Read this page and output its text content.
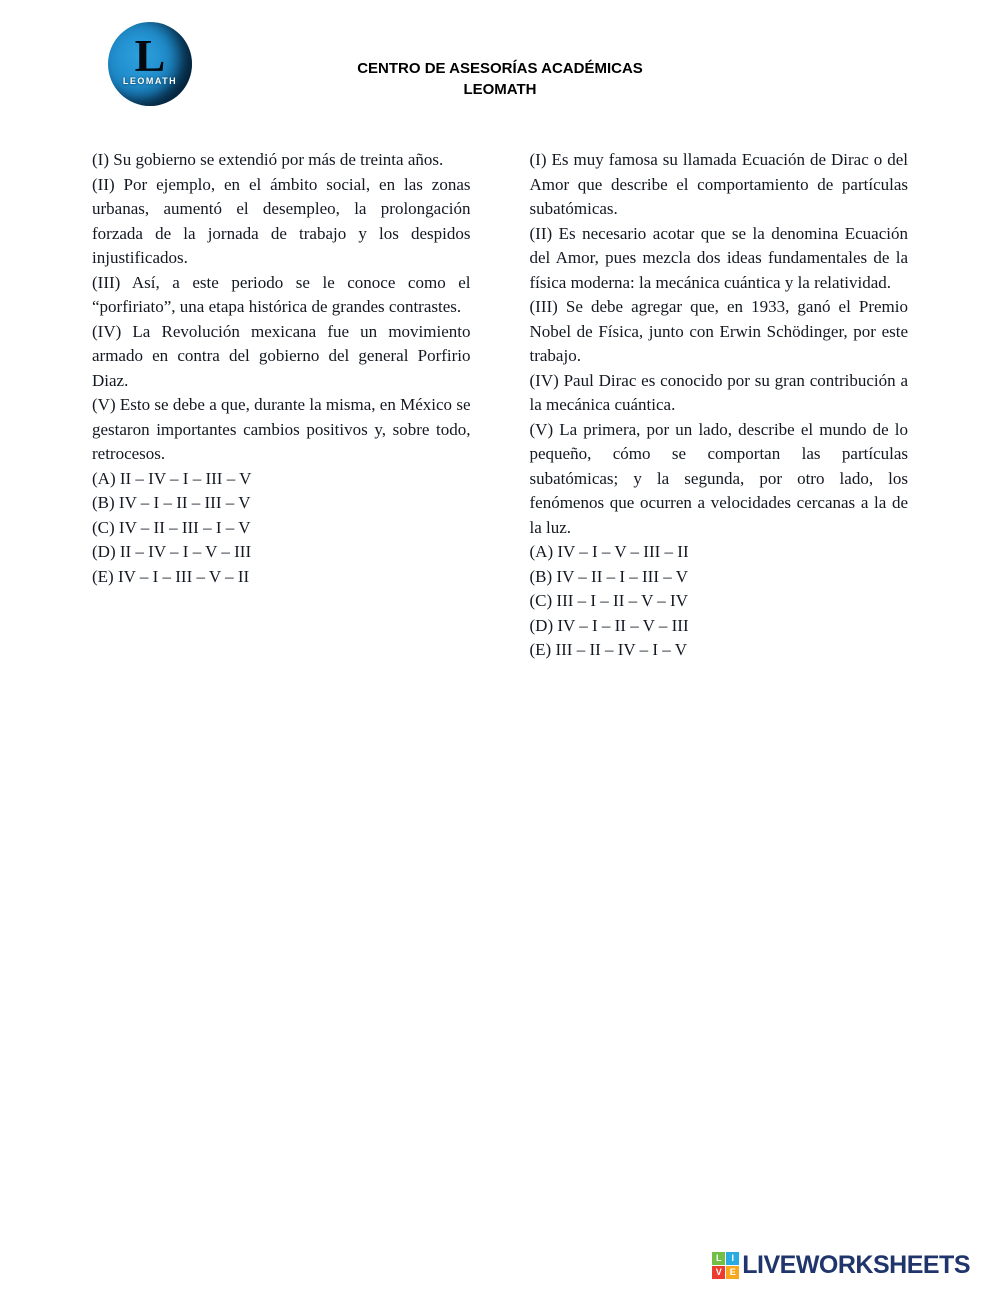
L
LEOMATH
CENTRO DE ASESORÍAS ACADÉMICAS
LEOMATH

(I) Su gobierno se extendió por más de treinta años.

(II) Por ejemplo, en el ámbito social, en las zonas urbanas, aumentó el desempleo, la prolongación forzada de la jornada de trabajo y los despidos injustificados.

(III) Así, a este periodo se le conoce como el “porfiriato”, una etapa histórica de grandes contrastes.

(IV) La Revolución mexicana fue un movimiento armado en contra del gobierno del general Porfirio Diaz.

(V) Esto se debe a que, durante la misma, en México se gestaron importantes cambios positivos y, sobre todo, retrocesos.

(A) II – IV – I – III – V

(B) IV – I – II – III – V

(C) IV – II – III – I – V

(D) II – IV – I – V – III

(E) IV – I – III – V – II

(I) Es muy famosa su llamada Ecuación de Dirac o del Amor que describe el comportamiento de partículas subatómicas.

(II) Es necesario acotar que se la denomina Ecuación del Amor, pues mezcla dos ideas fundamentales de la física moderna: la mecánica cuántica y la relatividad.

(III) Se debe agregar que, en 1933, ganó el Premio Nobel de Física, junto con Erwin Schödinger, por este trabajo.

(IV) Paul Dirac es conocido por su gran contribución a la mecánica cuántica.

(V) La primera, por un lado, describe el mundo de lo pequeño, cómo se comportan las partículas subatómicas; y la segunda, por otro lado, los fenómenos que ocurren a velocidades cercanas a la de la luz.

(A) IV – I – V – III – II

(B) IV – II – I – III – V

(C) III – I – II – V – IV

(D) IV – I – II – V – III

(E) III – II – IV – I – V

L	I
V E LIVEWORKSHEETS
